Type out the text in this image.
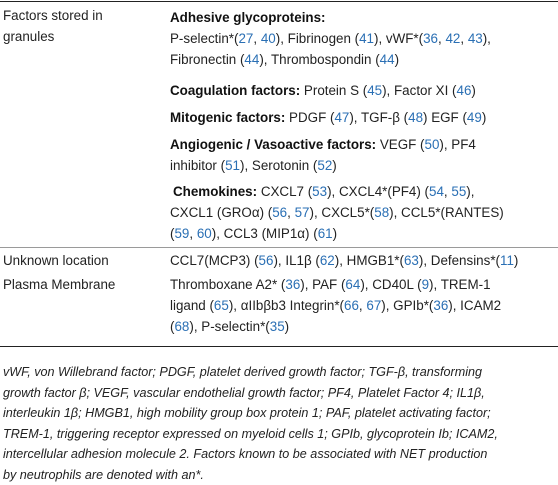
Factors stored in
granules
Adhesive glycoproteins:
P-selectin*(27, 40), Fibrinogen (41), vWF*(36, 42, 43),
Fibronectin (44), Thrombospondin (44)
Coagulation factors: Protein S (45), Factor XI (46)
Mitogenic factors: PDGF (47), TGF-β (48) EGF (49)
Angiogenic / Vasoactive factors: VEGF (50), PF4
inhibitor (51), Serotonin (52)
Chemokines: CXCL7 (53), CXCL4*(PF4) (54, 55),
CXCL1 (GROα) (56, 57), CXCL5*(58), CCL5*(RANTES)
(59, 60), CCL3 (MIP1α) (61)
Unknown location	CCL7(MCP3) (56), IL1β (62), HMGB1*(63), Defensins*(11)
Plasma Membrane	Thromboxane A2* (36), PAF (64), CD40L (9), TREM-1
ligand (65), αIIbβb3 Integrin*(66, 67), GPIb*(36), ICAM2
(68), P-selectin*(35)
vWF, von Willebrand factor; PDGF, platelet derived growth factor; TGF-β, transforming
growth factor β; VEGF, vascular endothelial growth factor; PF4, Platelet Factor 4; IL1β,
interleukin 1β; HMGB1, high mobility group box protein 1; PAF, platelet activating factor;
TREM-1, triggering receptor expressed on myeloid cells 1; GPIb, glycoprotein Ib; ICAM2,
intercellular adhesion molecule 2. Factors known to be associated with NET production
by neutrophils are denoted with an*.
